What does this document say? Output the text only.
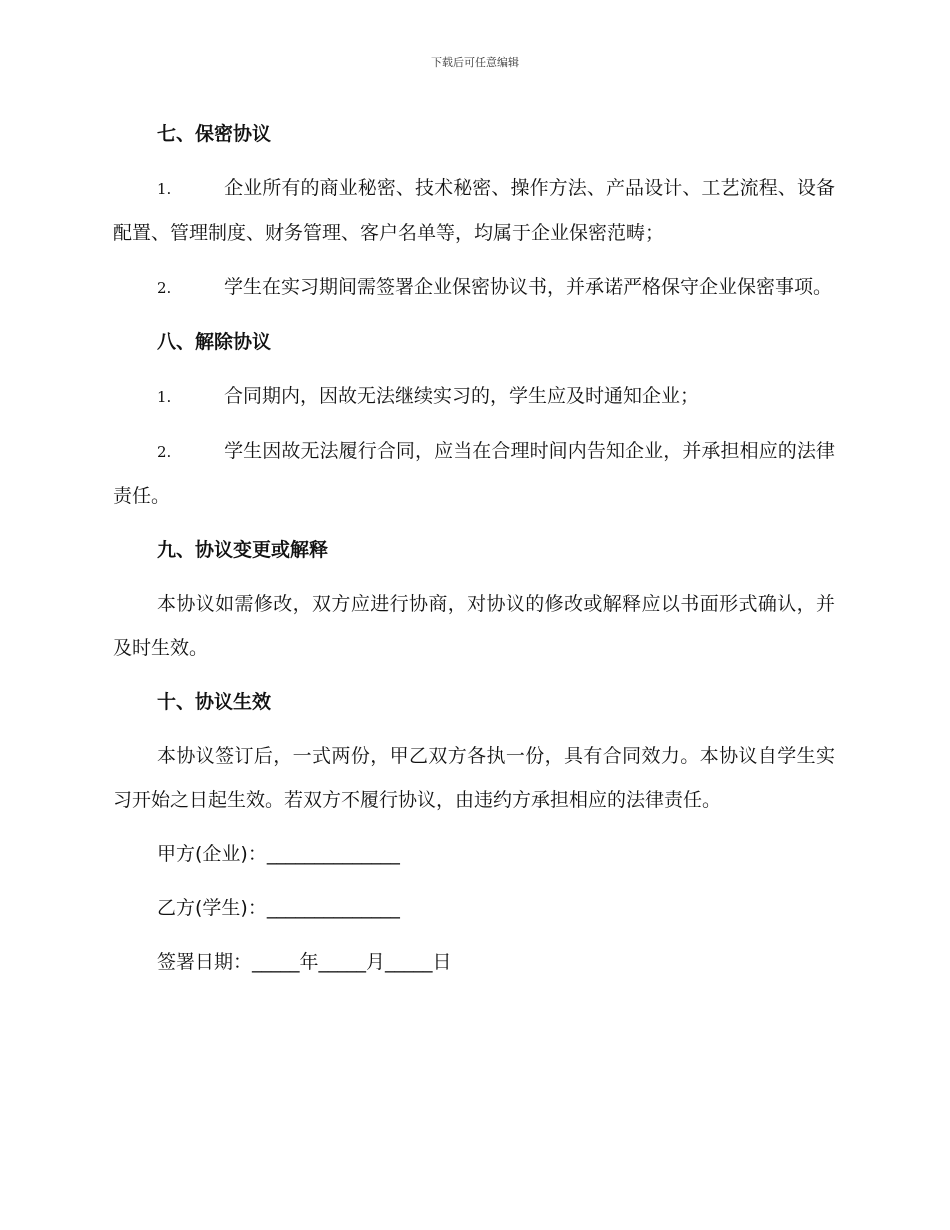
下载后可任意编辑
七、保密协议
1.	企业所有的商业秘密、技术秘密、操作方法、产品设计、工艺流程、设备配置、管理制度、财务管理、客户名单等，均属于企业保密范畴；
2.	学生在实习期间需签署企业保密协议书，并承诺严格保守企业保密事项。
八、解除协议
1.	合同期内，因故无法继续实习的，学生应及时通知企业；
2.	学生因故无法履行合同，应当在合理时间内告知企业，并承担相应的法律责任。
九、协议变更或解释
本协议如需修改，双方应进行协商，对协议的修改或解释应以书面形式确认，并及时生效。
十、协议生效
本协议签订后，一式两份，甲乙双方各执一份，具有合同效力。本协议自学生实习开始之日起生效。若双方不履行协议，由违约方承担相应的法律责任。
甲方(企业)：______________
乙方(学生)：______________
签署日期：_____年_____月_____日
